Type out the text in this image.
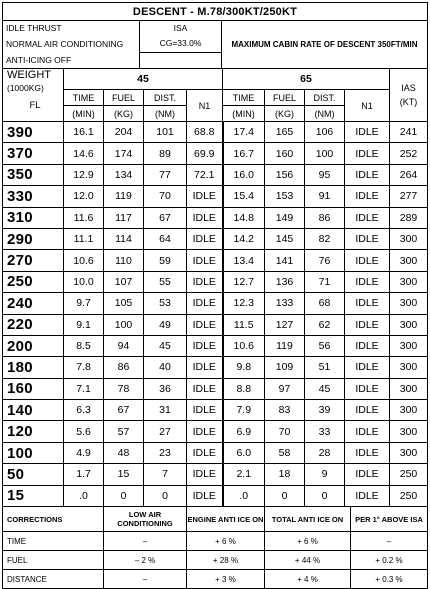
DESCENT - M.78/300KT/250KT		
IDLE THRUST	ISA	MAXIMUM CABIN RATE OF DESCENT 350FT/MIN
NORMAL AIR CONDITIONING	CG=33.0%	
ANTI-ICING OFF		
WEIGHT
(1000KG)
FL	45				65				IAS
(KT)
	TIME	FUEL	DIST.	N1	TIME	FUEL	DIST.	N1	
	(MIN)	(KG)	(NM)		(MIN)	(KG)	(NM)		
390	16.1	204	101	68.8	17.4	165	106	IDLE	241
370	14.6	174	89	69.9	16.7	160	100	IDLE	252
350	12.9	134	77	72.1	16.0	156	95	IDLE	264
330	12.0	119	70	IDLE	15.4	153	91	IDLE	277
310	11.6	117	67	IDLE	14.8	149	86	IDLE	289
290	11.1	114	64	IDLE	14.2	145	82	IDLE	300
270	10.6	110	59	IDLE	13.4	141	76	IDLE	300
250	10.0	107	55	IDLE	12.7	136	71	IDLE	300
240	9.7	105	53	IDLE	12.3	133	68	IDLE	300
220	9.1	100	49	IDLE	11.5	127	62	IDLE	300
200	8.5	94	45	IDLE	10.6	119	56	IDLE	300
180	7.8	86	40	IDLE	9.8	109	51	IDLE	300
160	7.1	78	36	IDLE	8.8	97	45	IDLE	300
140	6.3	67	31	IDLE	7.9	83	39	IDLE	300
120	5.6	57	27	IDLE	6.9	70	33	IDLE	300
100	4.9	48	23	IDLE	6.0	58	28	IDLE	300
50	1.7	15	7	IDLE	2.1	18	9	IDLE	250
15	.0	0	0	IDLE	.0	0	0	IDLE	250
CORRECTIONS	LOW AIR CONDITIONING	ENGINE ANTI ICE ON	TOTAL ANTI ICE ON	PER 1° ABOVE ISA
TIME	–	+ 6 %	+ 6 %	–
FUEL	– 2 %	+ 28 %	+ 44 %	+ 0.2 %
DISTANCE	–	+ 3 %	+ 4 %	+ 0.3 %
